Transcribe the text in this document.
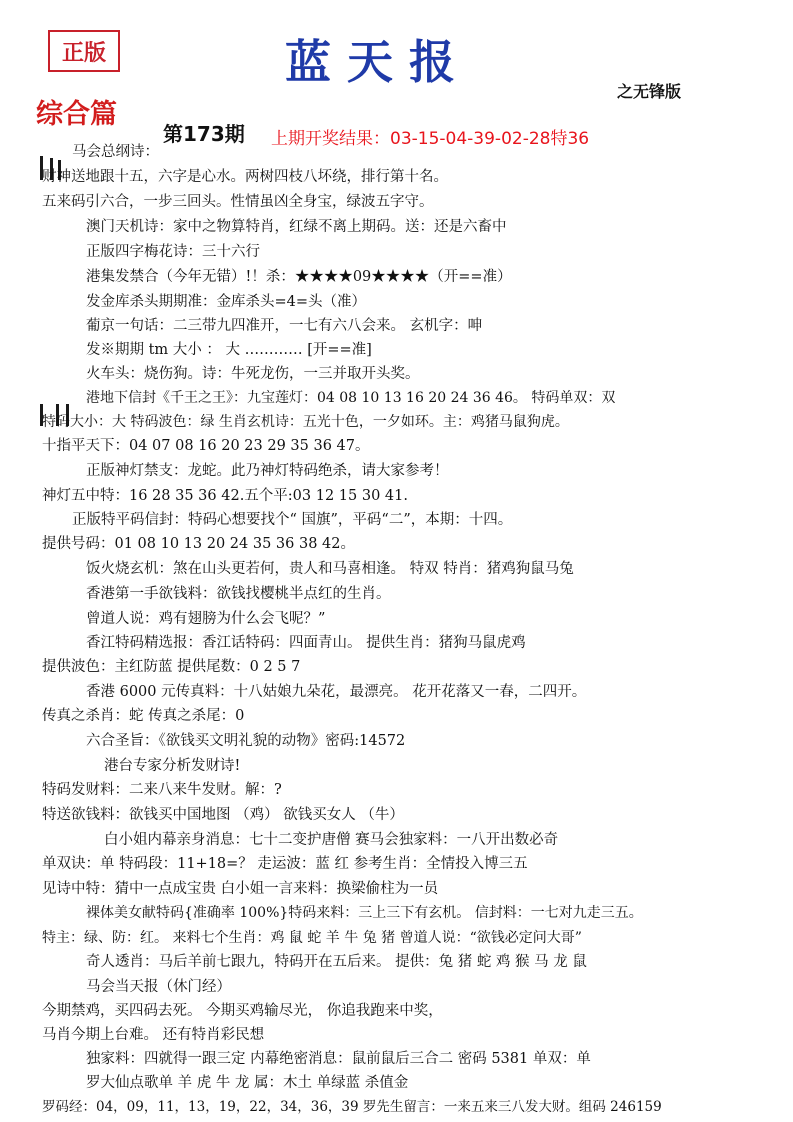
正版	蓝天报
之无锋版
综合篇
第173期 上期开奖结果：03-15-04-39-02-28特36
马会总纲诗：
财神送地跟十五，六字是心水。两树四枝八坏绕，排行第十名。
五来码引六合，一步三回头。性情虽凶全身宝，绿波五字守。
澳门天机诗：家中之物算特肖，红绿不离上期码。送：还是六畜中
正版四字梅花诗：三十六行
港集发禁合（今年无错）!！杀：★★★★09★★★★（开==准）
发金库杀头期期准：金库杀头=4=头（准）
葡京一句话：二三带九四准开，一七有六八会来。 玄机字：呻
发※期期 tm 大小 ： 大 ………… [开==准]
火车头：烧伤狗。诗：牛死龙伤，一三并取开头奖。
港地下信封《千王之王》：九宝莲灯：04 08 10 13 16 20 24 36 46。 特码单双：双
特码大小：大 特码波色：绿 生肖玄机诗：五光十色，一夕如环。主：鸡猪马鼠狗虎。
十指平天下：04 07 08 16 20 23 29 35 36 47。
正版神灯禁支：龙蛇。此乃神灯特码绝杀，请大家参考！
神灯五中特：16 28 35 36 42.五个平:03 12 15 30 41.
正版特平码信封：特码心想要找个“ 国旗”，平码“二”，本期：十四。
提供号码：01 08 10 13 20 24 35 36 38 42。
饭火烧玄机：煞在山头更若何，贵人和马喜相逢。 特双 特肖：猪鸡狗鼠马兔
香港第一手欲钱料：欲钱找樱桃半点红的生肖。
曾道人说：鸡有翅膀为什么会飞呢？”
香江特码精选报：香江话特码：四面青山。 提供生肖：猪狗马鼠虎鸡
提供波色：主红防蓝 提供尾数：0 2 5 7
香港 6000 元传真料：十八姑娘九朵花，最漂亮。 花开花落又一春，二四开。
传真之杀肖：蛇 传真之杀尾：0
六合圣旨：《欲钱买文明礼貌的动物》密码:14572
港台专家分析发财诗!
特码发财料：二来八来牛发财。解：?
特送欲钱料：欲钱买中国地图 （鸡） 欲钱买女人 （牛）
白小姐内幕亲身消息：七十二变护唐僧 赛马会独家料：一八开出数必奇
单双诀：单 特码段：11+18=？ 走运波：蓝 红 参考生肖：全情投入博三五
见诗中特：猜中一点成宝贵 白小姐一言来料：换梁偷柱为一员
裸体美女献特码{准确率 100%}特码来料：三上三下有玄机。 信封料：一七对九走三五。
特主：绿、防：红。 来料七个生肖：鸡 鼠 蛇 羊 牛 兔 猪 曾道人说：“欲钱必定问大哥”
奇人透肖：马后羊前七跟九，特码开在五后来。 提供：兔 猪 蛇 鸡 猴 马 龙 鼠
马会当天报（休门经）
今期禁鸡，买四码去死。 今期买鸡输尽光， 你追我跑来中奖，
马肖今期上台难。 还有特肖彩民想
独家料：四就得一跟三定 内幕绝密消息：鼠前鼠后三合二 密码 5381 单双：单
罗大仙点歌单 羊 虎 牛 龙 属：木土 单绿蓝 杀值金
罗码经：04，09，11，13，19，22，34，36，39 罗先生留言：一来五来三八发大财。组码 246159
